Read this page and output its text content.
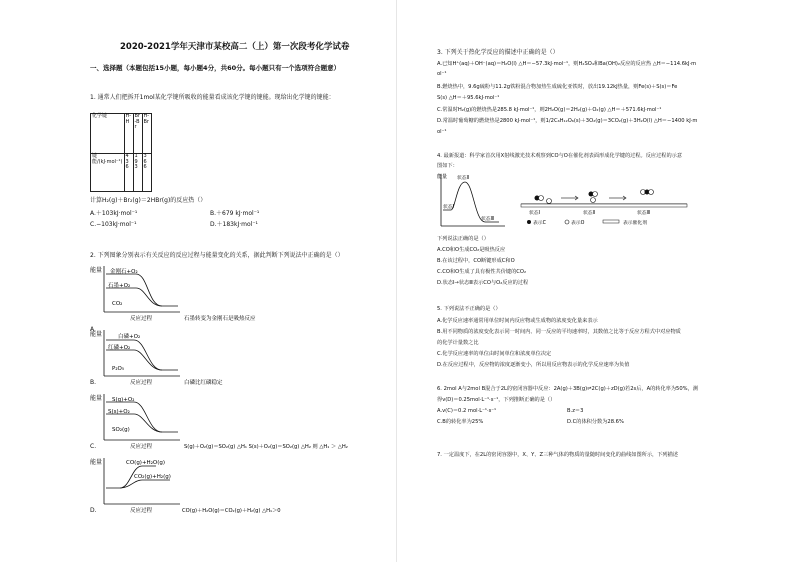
2020-2021学年天津市某校高二（上）第一次段考化学试卷
一、选择题（本题包括15小题，每小题4分，共60分。每小题只有一个选项符合题意）
1. 通常人们把拆开1mol某化学键所吸收的能量看成该化学键的键能。现给出化学键的键能：
化学键	H-H	Br-Br	H-Br
键能/(kJ·mol⁻¹)	436	193	366
计算H₂(g)＋Br₂(g)＝2HBr(g)的反应热（）
A.＋103kJ·mol⁻¹	B.＋679 kJ·mol⁻¹
C.−103kJ·mol⁻¹	D.＋183kJ·mol⁻¹
2. 下列图象分别表示有关反应的反应过程与能量变化的关系，据此判断下列说法中正确的是（）
能量 金刚石+O₂
石墨+O₂
CO₂
反应过程	石墨转变为金刚石是吸热反应
A.
能量	白磷+O₂
红磷+O₂
P₂O₅
反应过程	白磷比红磷稳定
B.
能量 S(g)+O₂
S(s)+O₂
SO₂(g)
反应过程	S(g)＋O₂(g)＝SO₂(g) △H₁ S(s)＋O₂(g)＝SO₂(g) △H₂ 则 △H₁ ＞ △H₂
C.
能量	CO(g)+H₂O(g)
CO₂(g)+H₂(g)
反应过程	CO(g)＋H₂O(g)＝CO₂(g)＋H₂(g) △H₁＞0
D.
3. 下列关于热化学反应的描述中正确的是（）
A.已知H⁺(aq)＋OH⁻(aq)＝H₂O(l) △H＝−57.3kJ·mol⁻¹，则H₂SO₄和Ba(OH)₂反应的反应热 △H＝−114.6kJ·m
ol⁻¹
B.燃烧热中，9.6g硫粉与11.2g铁粉混合物加热生成硫化亚铁时，放出19.12kJ热量，则Fe(s)＋S(s)＝Fe
S(s) △H＝＋95.6kJ·mol⁻¹
C.常温时H₂(g)的燃烧热是285.8 kJ·mol⁻¹，则2H₂O(g)＝2H₂(g)＋O₂(g) △H＝＋571.6kJ·mol⁻¹
D.常温时葡萄糖的燃烧热是2800 kJ·mol⁻¹，则1/2C₆H₁₂O₆(s)＋3O₂(g)＝3CO₂(g)＋3H₂O(l) △H＝−1400 kJ·m
ol⁻¹
4. 最新报道：科学家首次用X射线激光技术观察到CO与O在催化剂表面形成化学键的过程。反应过程的示意
图如下：
能量 状态Ⅱ
状态Ⅰ
状态Ⅲ
状态Ⅰ	状态Ⅱ	状态Ⅲ
表示C	表示O	表示催化剂
下列说法正确的是（）
A.CO和O生成CO₂是吸热反应
B.在该过程中，CO断键形成C和O
C.CO和O生成了具有极性共价键的CO₂
D.状态Ⅰ→状态Ⅲ表示CO与O₂反应的过程
5. 下列说法不正确的是（）
A.化学反应速率通常用单位时间内反应物或生成物的浓度变化量来表示
B.用不同物质的浓度变化表示同一时间内、同一反应的平均速率时，其数值之比等于反应方程式中对应物质
的化学计量数之比
C.化学反应速率的单位由时间单位和浓度单位决定
D.在反应过程中，反应物的浓度逐渐变小，所以用反应物表示的化学反应速率为负值
6. 2mol A与2mol B混合于2L的密闭容器中反应：2A(g)＋3B(g)⇌2C(g)＋zD(g)若2s后，A的转化率为50%，测
得v(D)＝0.25mol·L⁻¹·s⁻¹，下列推断正确的是（）
A.v(C)＝0.2 mol·L⁻¹·s⁻¹	B.z＝3
C.B的转化率为25%	D.C的体积分数为28.6%
7. 一定温度下，在2L的密闭容器中，X、Y、Z三种气体的物质的量随时间变化的曲线如图所示，下列描述
